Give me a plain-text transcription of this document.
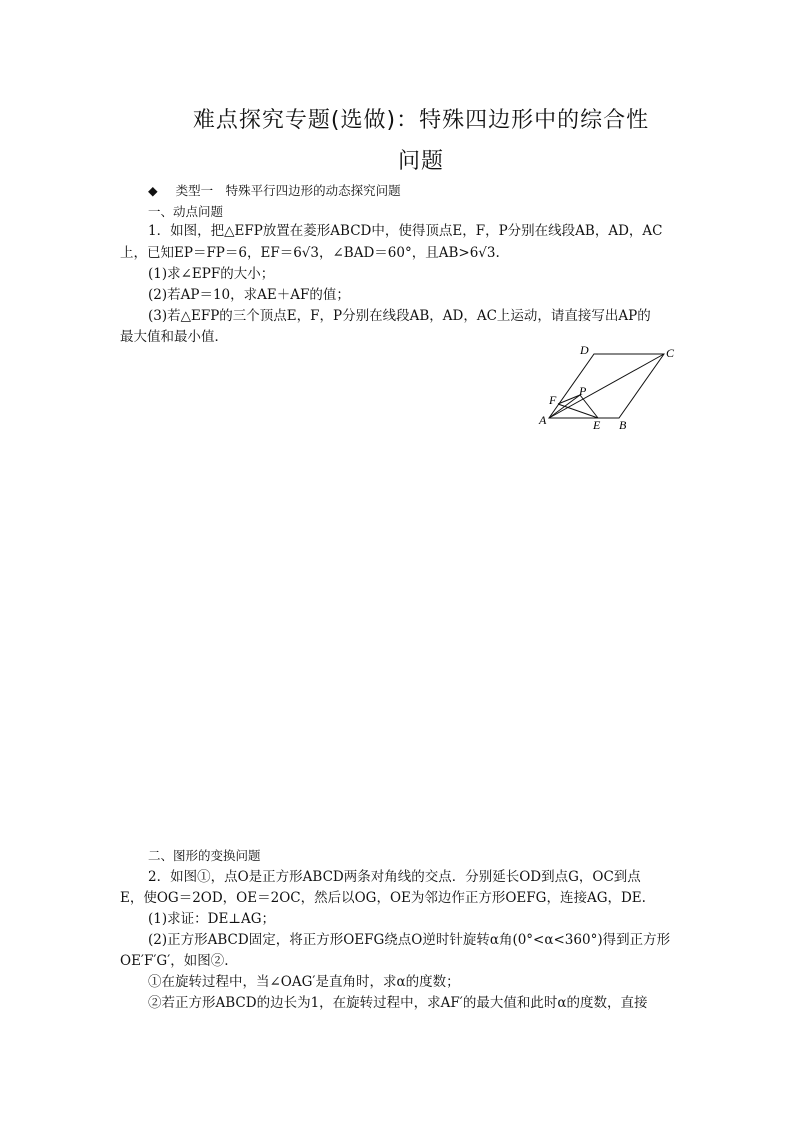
难点探究专题(选做)：特殊四边形中的综合性
问题
◆ 类型一　特殊平行四边形的动态探究问题
一、动点问题
1．如图，把△EFP放置在菱形ABCD中，使得顶点E，F，P分别在线段AB，AD，AC
上，已知EP＝FP＝6，EF＝6√3，∠BAD＝60°，且AB>6√3.
(1)求∠EPF的大小；
(2)若AP＝10，求AE＋AF的值；
(3)若△EFP的三个顶点E，F，P分别在线段AB，AD，AC上运动，请直接写出AP的
最大值和最小值．
D	C
P
F
A	E B
二、图形的变换问题
2．如图①，点O是正方形ABCD两条对角线的交点．分别延长OD到点G，OC到点
E，使OG＝2OD，OE＝2OC，然后以OG，OE为邻边作正方形OEFG，连接AG，DE.
(1)求证：DE⊥AG；
(2)正方形ABCD固定，将正方形OEFG绕点O逆时针旋转α角(0°<α<360°)得到正方形
OE′F′G′，如图②.
①在旋转过程中，当∠OAG′是直角时，求α的度数；
②若正方形ABCD的边长为1，在旋转过程中，求AF′的最大值和此时α的度数，直接
